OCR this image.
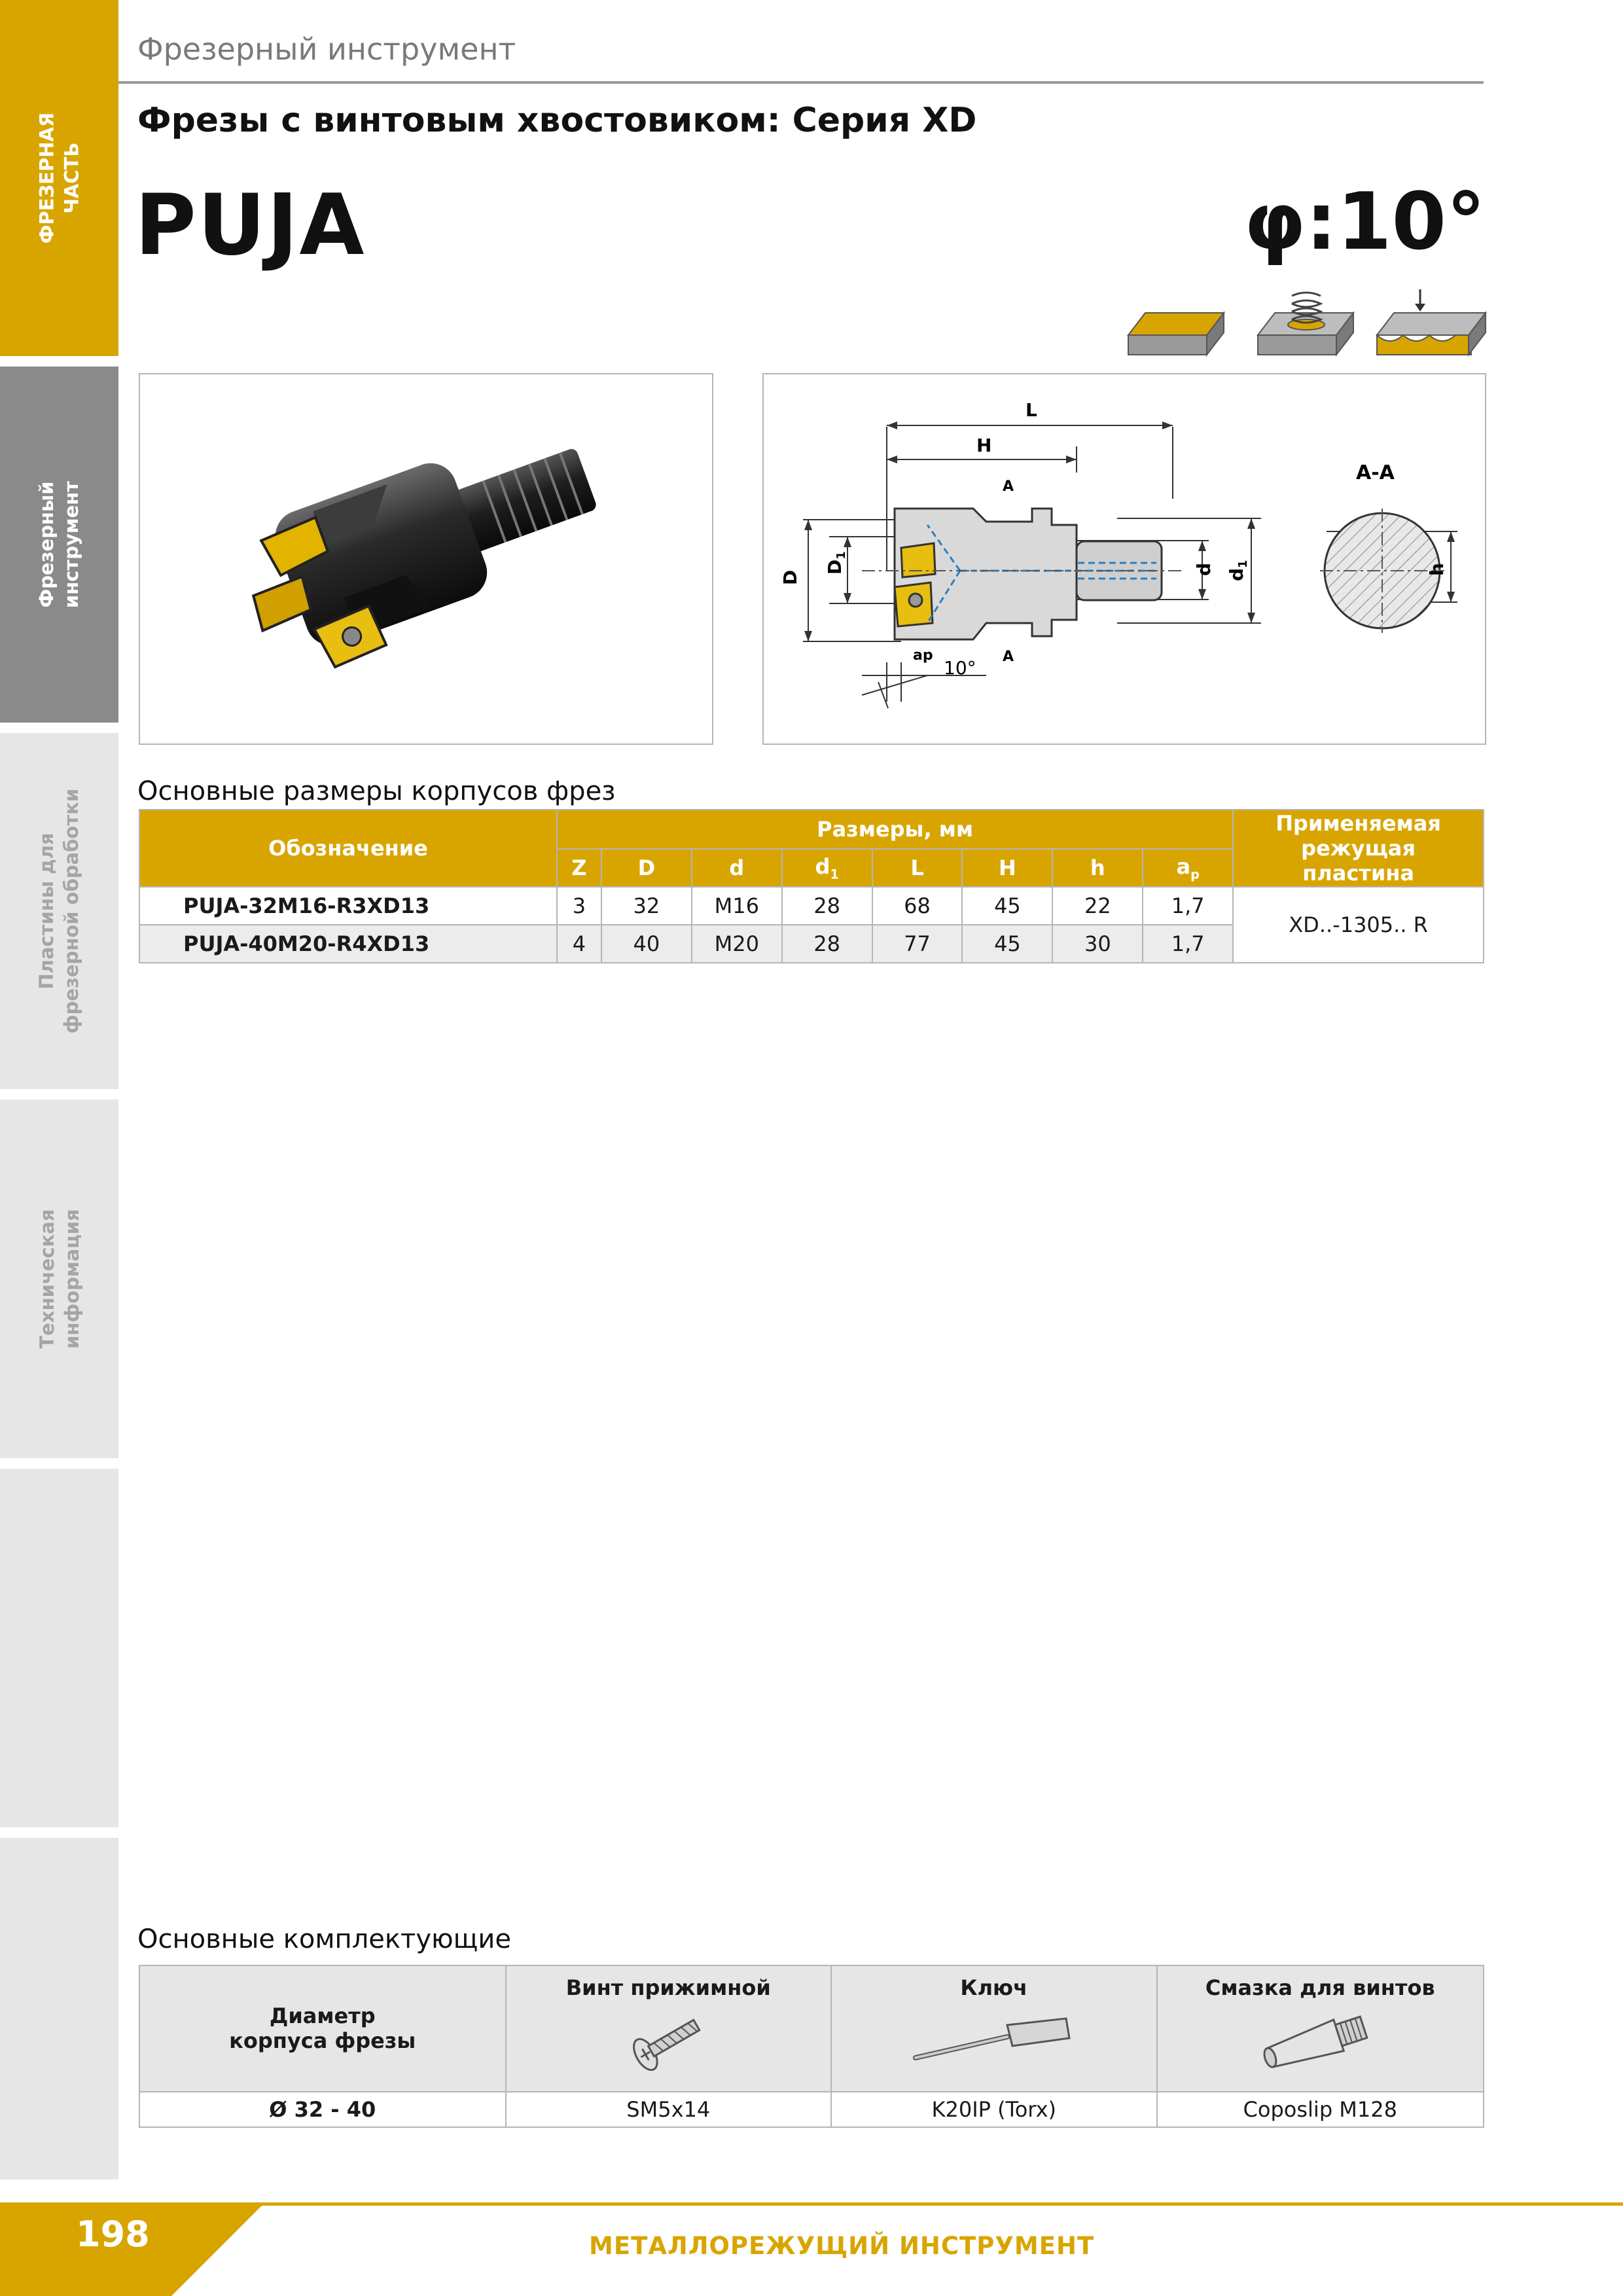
ФРЕЗЕРНАЯ ЧАСТЬ
Фрезерный инструмент
Пластины для фрезерной обработки
Техническая информация
Фрезерный инструмент
Фрезы с винтовым хвостовиком: Серия XD
PUJA	φ:10°
L
H
A
A
A-A
D
$D_1$
d $d_1$	h
ap
10°
Основные размеры корпусов фрез
Обозначение	Размеры, мм								Применяемая режущая пластина
	Z	D	d	$d_1$	L	H	h	$a_p$
PUJA-32M16-R3XD13	3	32	M16	28	68	45	22	1,7	XD..-1305.. R
PUJA-40M20-R4XD13	4	40	M20	28	77	45	30	1,7	
Основные комплектующие
Диаметр корпуса фрезы	Винт прижимной	Ключ	Смазка для винтов

Ø 32 - 40	SM5x14	K20IP (Torx)	Coposlip M128
198	МЕТАЛЛОРЕЖУЩИЙ ИНСТРУМЕНТ
